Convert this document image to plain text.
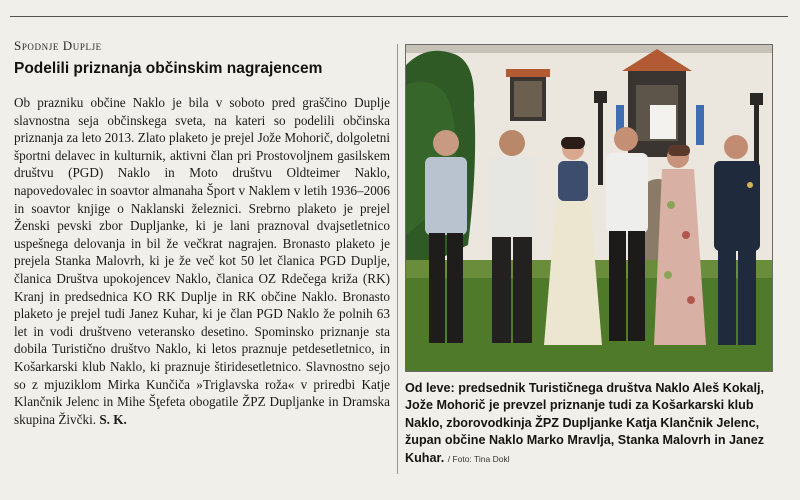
Spodnje Duplje
Podelili priznanja občinskim nagrajencem
Ob prazniku občine Naklo je bila v soboto pred graščino Duplje slavnostna seja občinskega sveta, na kateri so podelili občinska priznanja za leto 2013. Zlato plaketo je prejel Jože Mohorič, dolgoletni športni delavec in kulturnik, aktivni član pri Prostovoljnem gasilskem društvu (PGD) Naklo in Moto društvu Oldteimer Naklo, napovedovalec in soavtor almanaha Šport v Naklem v letih 1936–2006 in soavtor knjige o Naklanski železnici. Srebrno plaketo je prejel Ženski pevski zbor Dupljanke, ki je lani praznoval dvajsetletnico uspešnega delovanja in bil že večkrat nagrajen. Bronasto plaketo je prejela Stanka Malovrh, ki je že več kot 50 let članica PGD Duplje, članica Društva upokojencev Naklo, članica OZ Rdečega križa (RK) Kranj in predsednica KO RK Duplje in RK občine Naklo. Bronasto plaketo je prejel tudi Janez Kuhar, ki je član PGD Naklo že polnih 63 let in vodi društveno veteransko desetino. Spominsko priznanje sta dobila Turistično društvo Naklo, ki letos praznuje petdesetletnico, in Košarkarski klub Naklo, ki praznuje štiridesetletnico. Slavnostno sejo so z mjuziklom Mirka Kunčiča »Triglavska roža« v priredbi Katje Klančnik Jelenc in Mihe Šţefeta obogatile ŽPZ Dupljanke in Dramska skupina Živčki. S. K.
Od leve: predsednik Turističnega društva Naklo Aleš Kokalj, Jože Mohorič je prevzel priznanje tudi za Košarkarski klub Naklo, zborovodkinja ŽPZ Dupljanke Katja Klančnik Jelenc, župan občine Naklo Marko Mravlja, Stanka Malovrh in Janez Kuhar. / Foto: Tina Dokl
